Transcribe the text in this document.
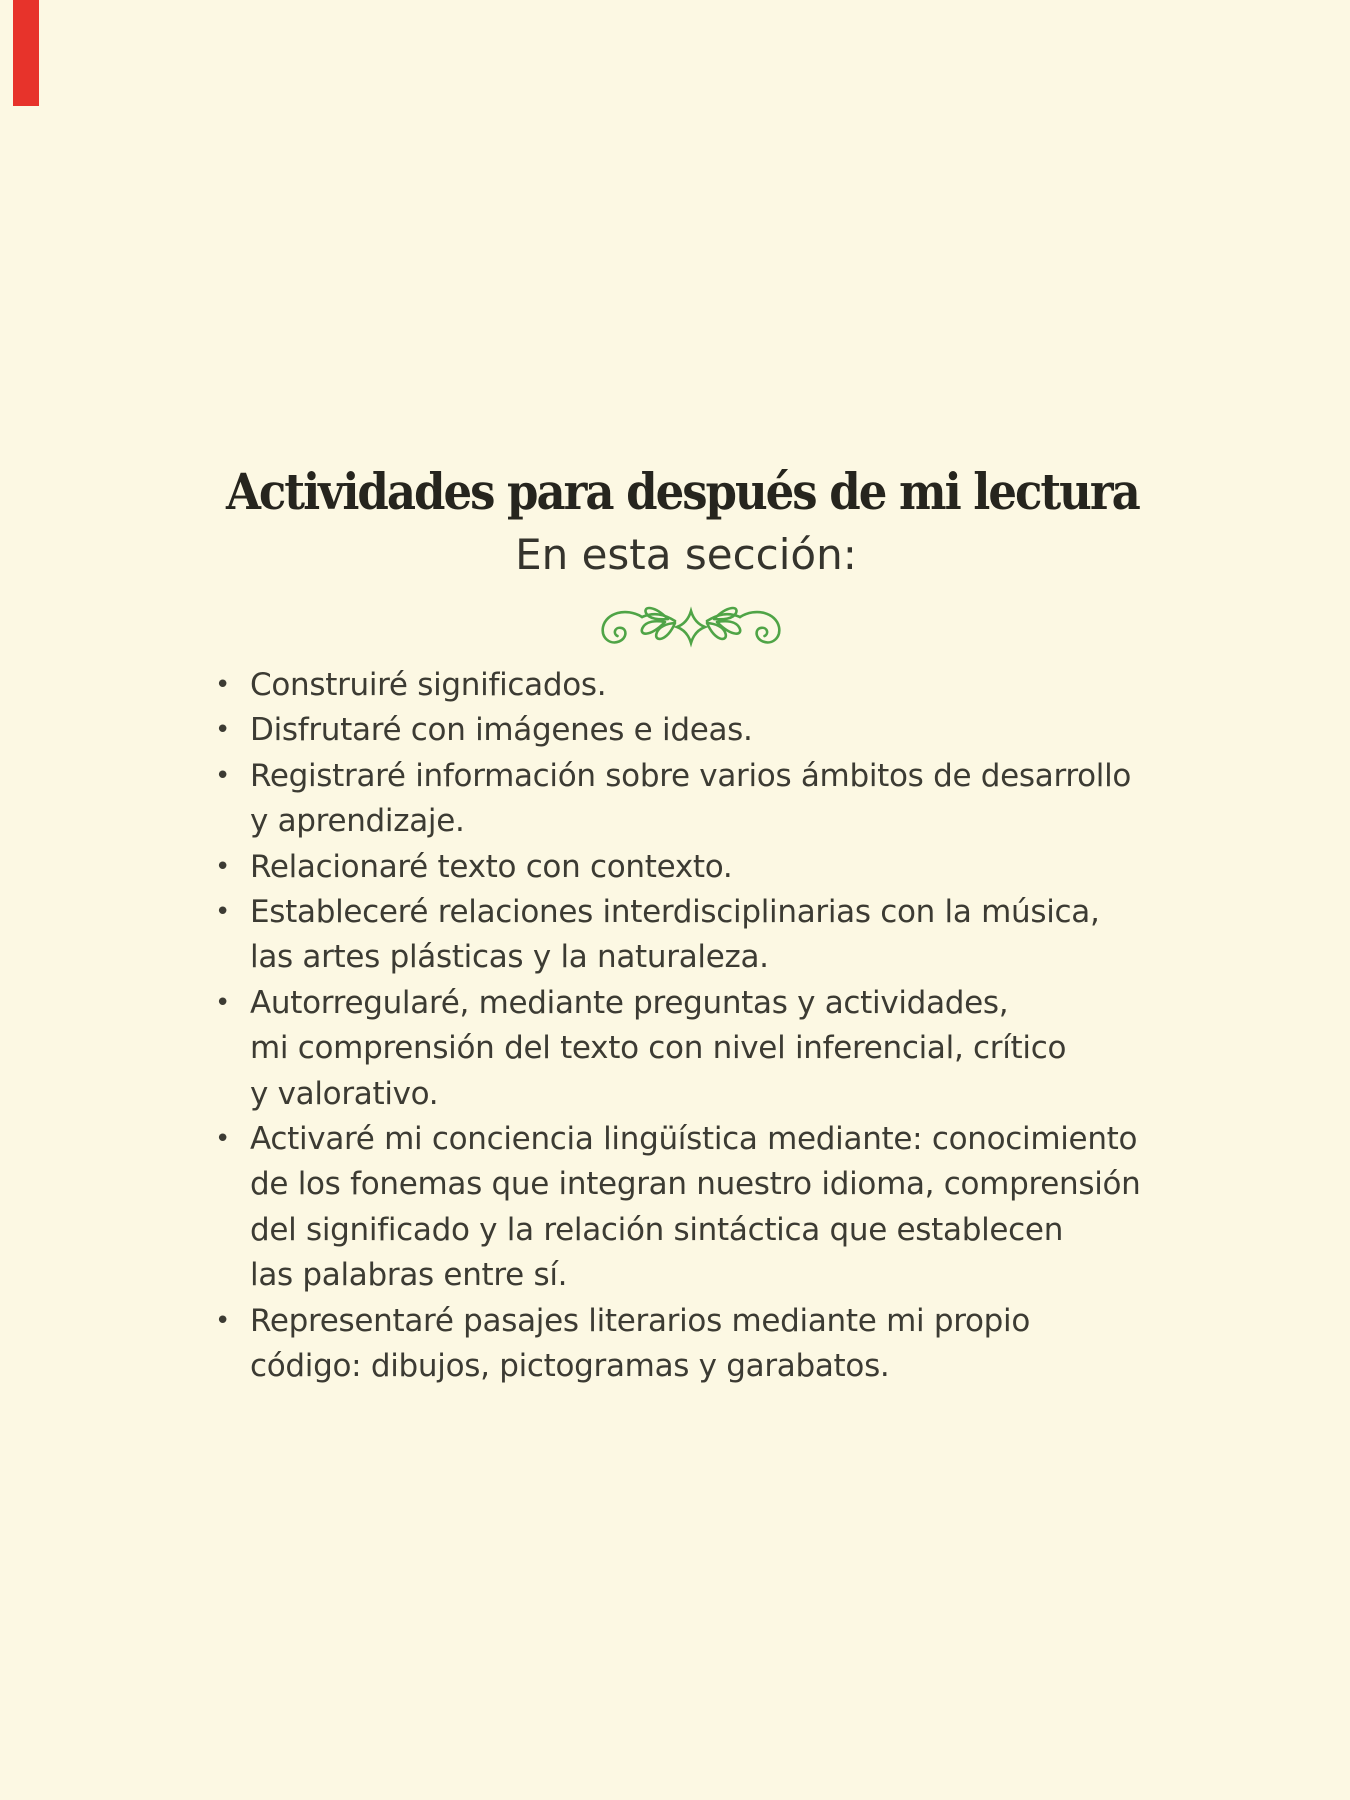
Actividades para después de mi lectura
En esta sección:
• Construiré significados.
• Disfrutaré con imágenes e ideas.
• Registraré información sobre varios ámbitos de desarrollo
y aprendizaje.
• Relacionaré texto con contexto.
• Estableceré relaciones interdisciplinarias con la música,
las artes plásticas y la naturaleza.
• Autorregularé, mediante preguntas y actividades,
mi comprensión del texto con nivel inferencial, crítico
y valorativo.
• Activaré mi conciencia lingüística mediante: conocimiento
de los fonemas que integran nuestro idioma, comprensión
del significado y la relación sintáctica que establecen
las palabras entre sí.
• Representaré pasajes literarios mediante mi propio
código: dibujos, pictogramas y garabatos.
